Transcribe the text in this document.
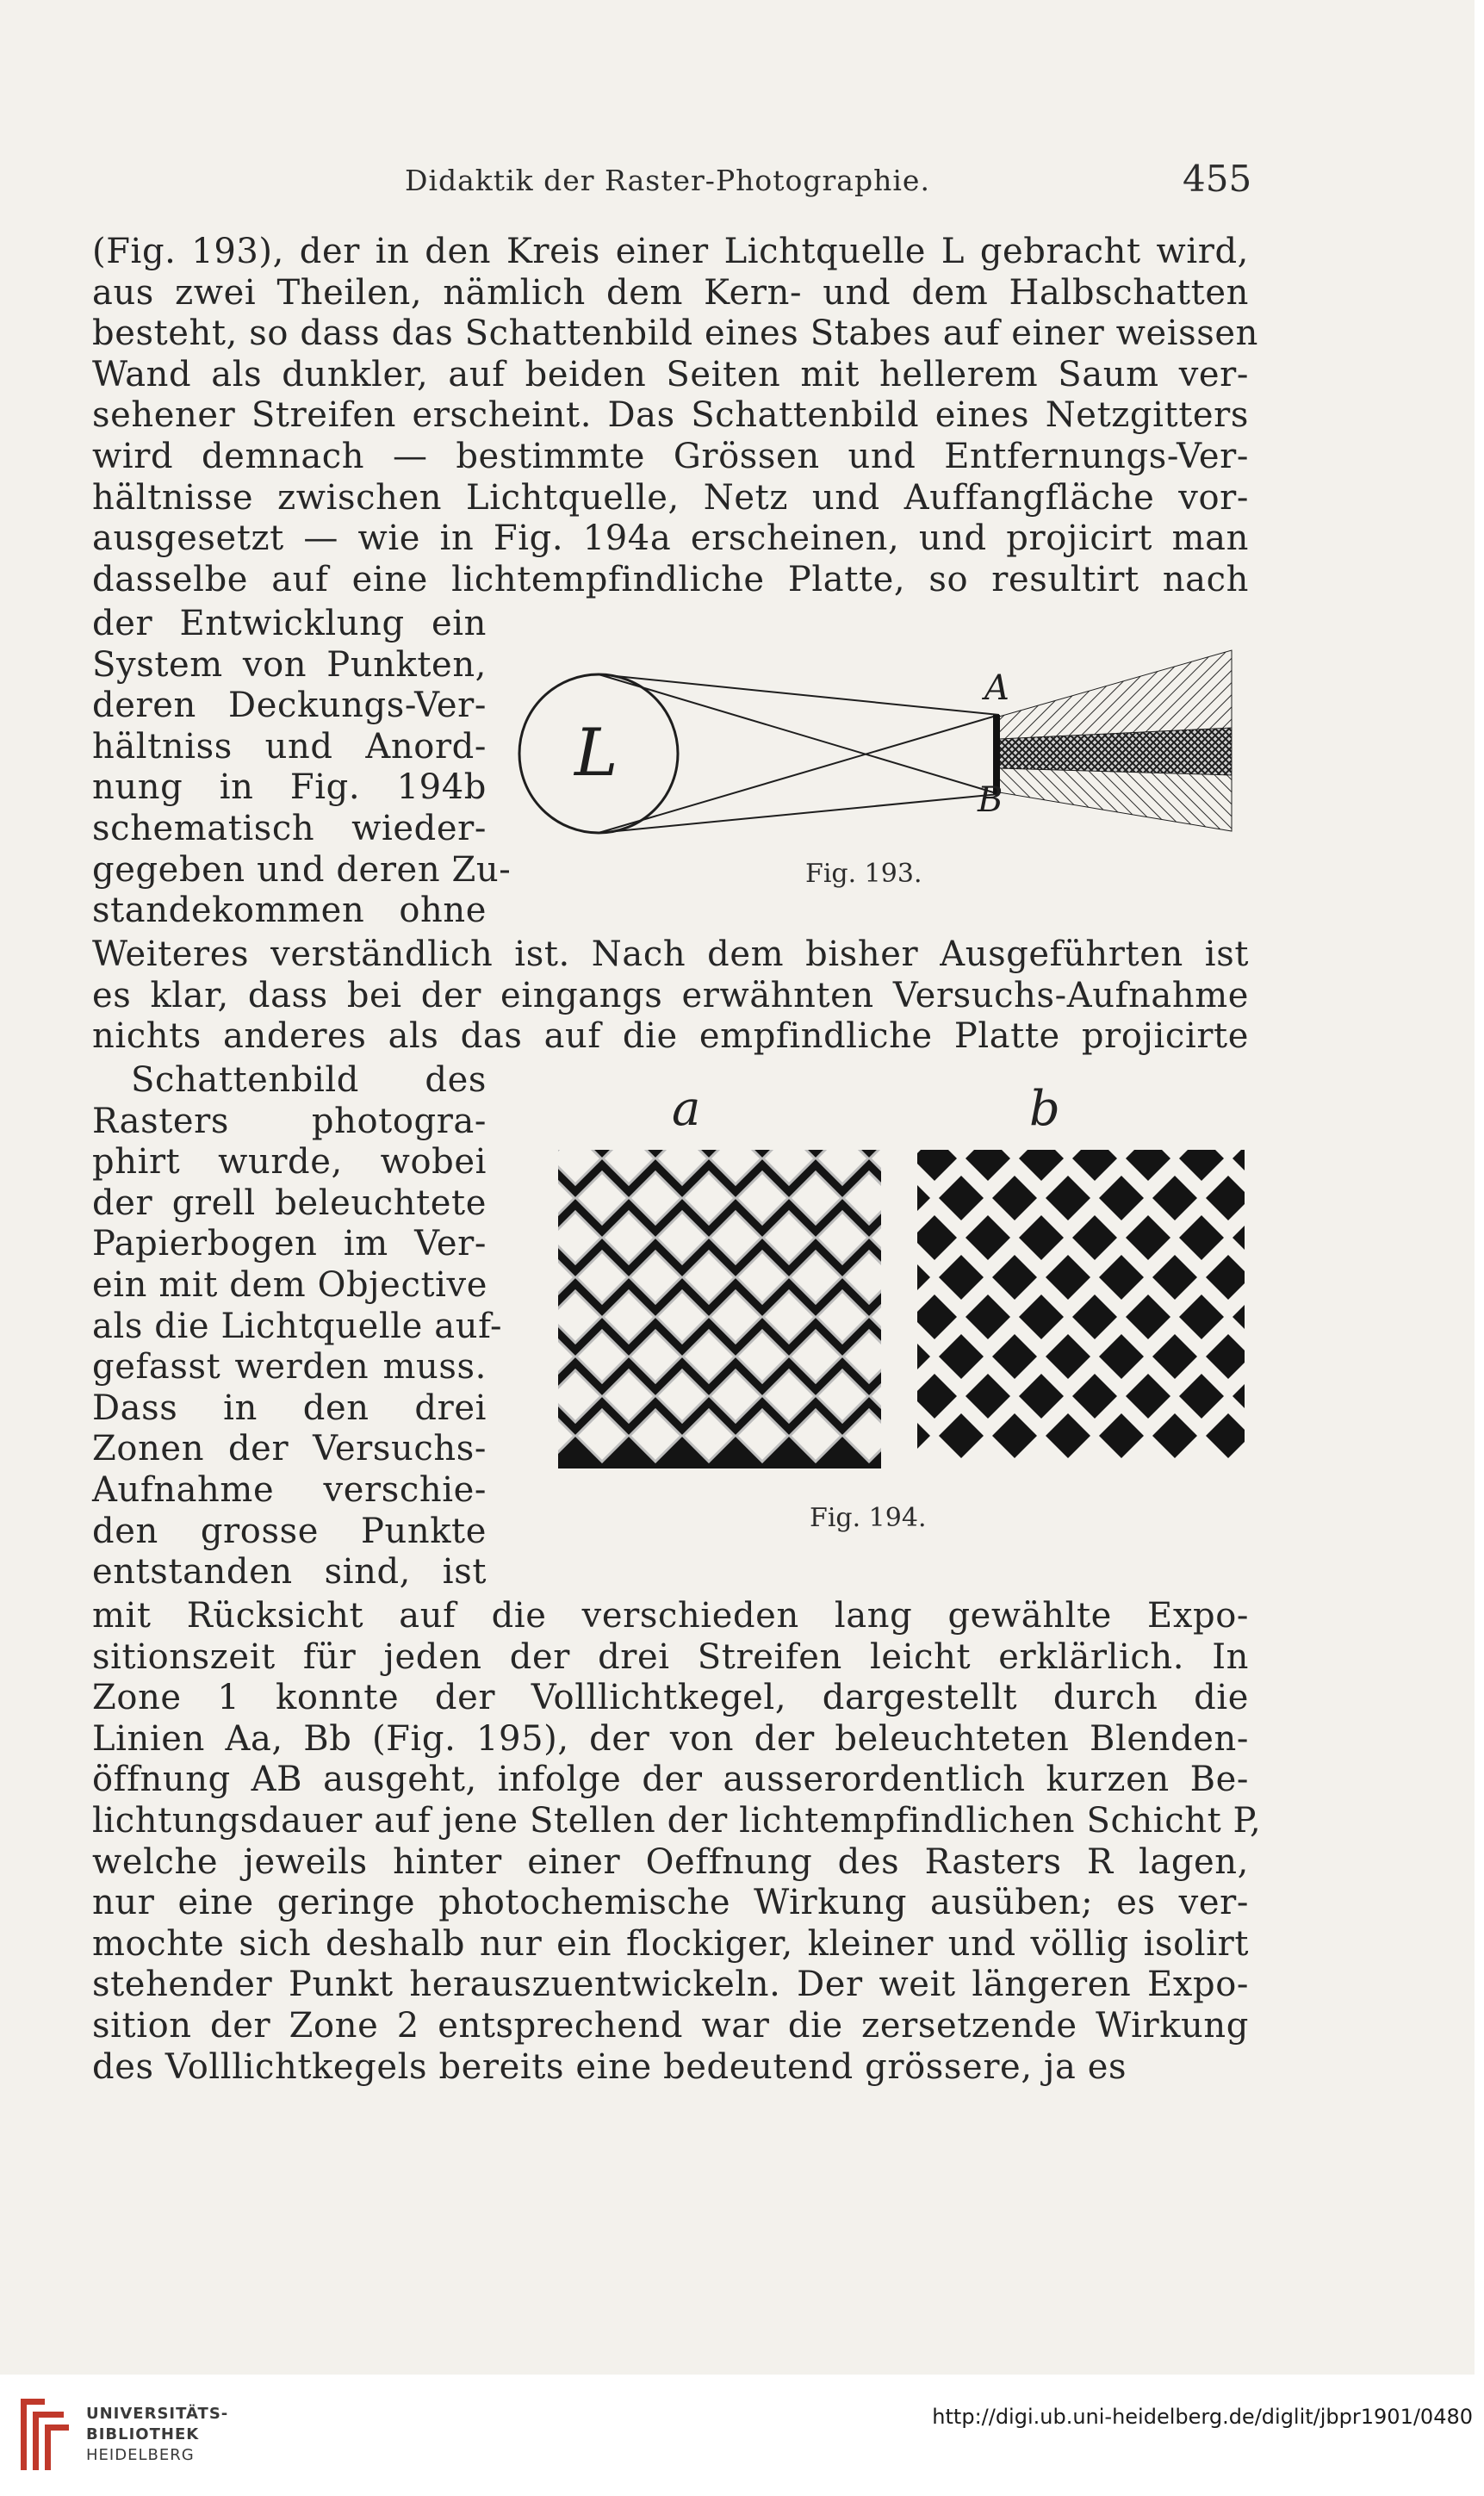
Didaktik der Raster-Photographie.	455
(Fig. 193), der in den Kreis einer Lichtquelle L gebracht wird,
aus zwei Theilen, nämlich dem Kern- und dem Halbschatten
besteht, so dass das Schattenbild eines Stabes auf einer weissen
Wand als dunkler, auf beiden Seiten mit hellerem Saum ver-
sehener Streifen erscheint. Das Schattenbild eines Netzgitters
wird demnach — bestimmte Grössen und Entfernungs-Ver-
hältnisse zwischen Lichtquelle, Netz und Auffangfläche vor-
ausgesetzt — wie in Fig. 194a erscheinen, und projicirt man
dasselbe auf eine lichtempfindliche Platte, so resultirt nach
der Entwicklung ein
System von Punkten,
deren Deckungs-Ver-
hältniss und Anord-
nung in Fig. 194b
schematisch wieder-
gegeben und deren Zu-
standekommen ohne
Weiteres verständlich ist. Nach dem bisher Ausgeführten ist
es klar, dass bei der eingangs erwähnten Versuchs-Aufnahme
nichts anderes als das auf die empfindliche Platte projicirte
Schattenbild des
Rasters photogra-
phirt wurde, wobei
der grell beleuchtete
Papierbogen im Ver-
ein mit dem Objective
als die Lichtquelle auf-
gefasst werden muss.
Dass in den drei
Zonen der Versuchs-
Aufnahme verschie-
den grosse Punkte
entstanden sind, ist
mit Rücksicht auf die verschieden lang gewählte Expo-
sitionszeit für jeden der drei Streifen leicht erklärlich. In
Zone 1 konnte der Volllichtkegel, dargestellt durch die
Linien Aa, Bb (Fig. 195), der von der beleuchteten Blenden-
öffnung AB ausgeht, infolge der ausserordentlich kurzen Be-
lichtungsdauer auf jene Stellen der lichtempfindlichen Schicht P,
welche jeweils hinter einer Oeffnung des Rasters R lagen,
nur eine geringe photochemische Wirkung ausüben; es ver-
mochte sich deshalb nur ein flockiger, kleiner und völlig isolirt
stehender Punkt herauszuentwickeln. Der weit längeren Expo-
sition der Zone 2 entsprechend war die zersetzende Wirkung
des Volllichtkegels bereits eine bedeutend grössere, ja es
L
A
B
Fig. 193.
a	b
Fig. 194.
UNIVERSITÄTS-
BIBLIOTHEK
HEIDELBERG
http://digi.ub.uni-heidelberg.de/diglit/jbpr1901/0480
